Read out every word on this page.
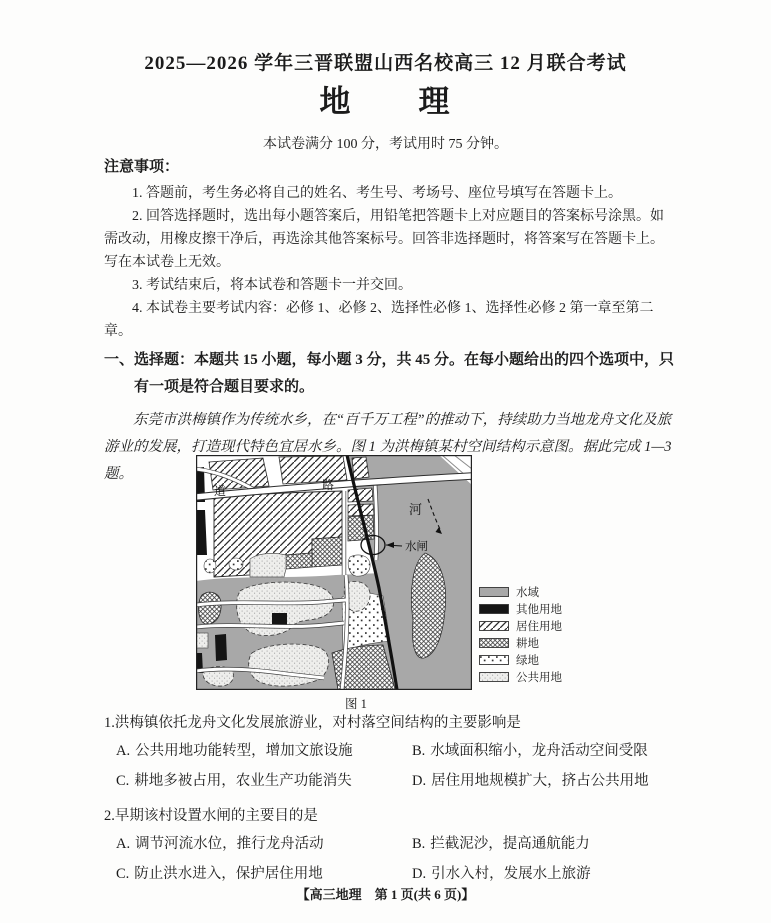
2025—2026 学年三晋联盟山西名校高三 12 月联合考试
地　　理
本试卷满分 100 分，考试用时 75 分钟。
注意事项：

1. 答题前，考生务必将自己的姓名、考生号、考场号、座位号填写在答题卡上。

2. 回答选择题时，选出每小题答案后，用铅笔把答题卡上对应题目的答案标号涂黑。如需改动，用橡皮擦干净后，再选涂其他答案标号。回答非选择题时，将答案写在答题卡上。写在本试卷上无效。

3. 考试结束后，将本试卷和答题卡一并交回。

4. 本试卷主要考试内容：必修 1、必修 2、选择性必修 1、选择性必修 2 第一章至第二章。

一、选择题：本题共 15 小题，每小题 3 分，共 45 分。在每小题给出的四个选项中，只有一项是符合题目要求的。

东莞市洪梅镇作为传统水乡，在“百千万工程”的推动下，持续助力当地龙舟文化及旅游业的发展，打造现代特色宜居水乡。图 1 为洪梅镇某村空间结构示意图。据此完成 1—3 题。

道	路
河
水闸
水域
其他用地
居住用地
耕地
绿地
公共用地
图 1

1.洪梅镇依托龙舟文化发展旅游业，对村落空间结构的主要影响是

A. 公共用地功能转型，增加文旅设施	B. 水域面积缩小，龙舟活动空间受限
C. 耕地多被占用，农业生产功能消失	D. 居住用地规模扩大，挤占公共用地

2.早期该村设置水闸的主要目的是

A. 调节河流水位，推行龙舟活动	B. 拦截泥沙，提高通航能力
C. 防止洪水进入，保护居住用地	D. 引水入村，发展水上旅游
【高三地理　第 1 页(共 6 页)】
